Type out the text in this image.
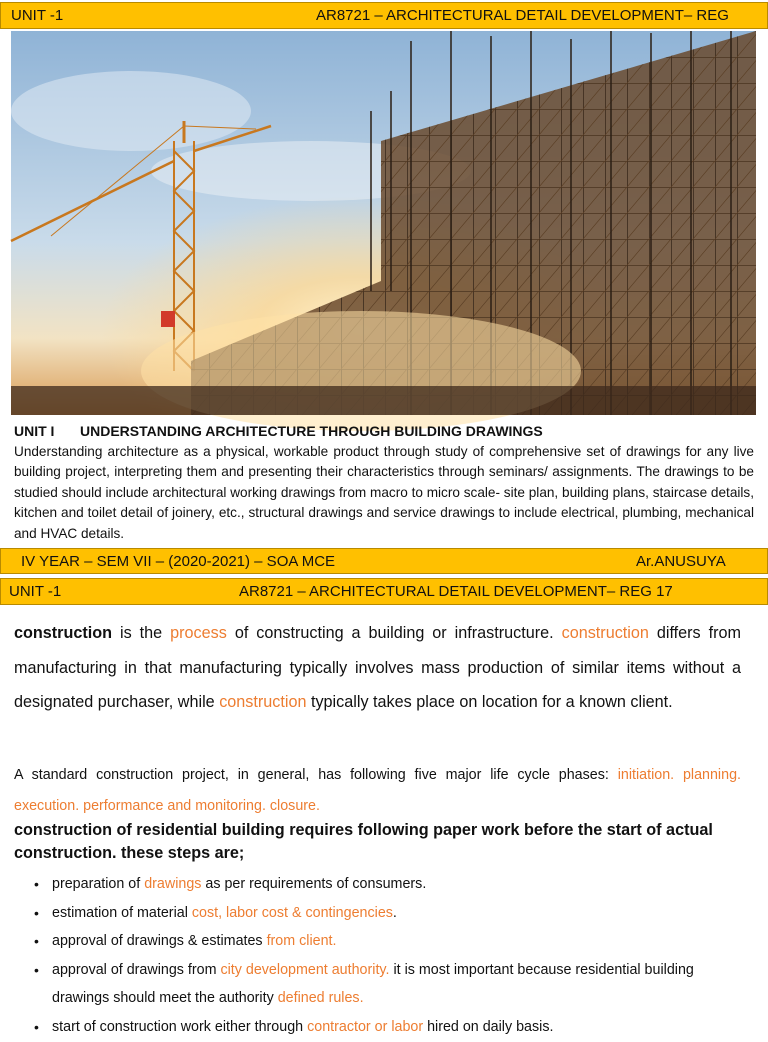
UNIT -1	AR8721 – ARCHITECTURAL DETAIL DEVELOPMENT– REG
UNIT I UNDERSTANDING ARCHITECTURE THROUGH BUILDING DRAWINGS

Understanding architecture as a physical, workable product through study of comprehensive set of drawings for any live building project, interpreting them and presenting their characteristics through seminars/ assignments. The drawings to be studied should include architectural working drawings from macro to micro scale- site plan, building plans, staircase details, kitchen and toilet detail of joinery, etc., structural drawings and service drawings to include electrical, plumbing, mechanical and HVAC details.

IV YEAR – SEM VII – (2020-2021) – SOA MCE	Ar.ANUSUYA
UNIT -1	AR8721 – ARCHITECTURAL DETAIL DEVELOPMENT– REG 17
construction is the process of constructing a building or infrastructure. construction differs from manufacturing in that manufacturing typically involves mass production of similar items without a designated purchaser, while construction typically takes place on location for a known client.
A standard construction project, in general, has following five major life cycle phases: initiation. planning. execution. performance and monitoring. closure.
construction of residential building requires following paper work before the start of actual construction. these steps are;
• preparation of drawings as per requirements of consumers.
• estimation of material cost, labor cost & contingencies.
• approval of drawings & estimates from client.
• approval of drawings from city development authority. it is most important because residential building drawings should meet the authority defined rules.
• start of construction work either through contractor or labor hired on daily basis.
